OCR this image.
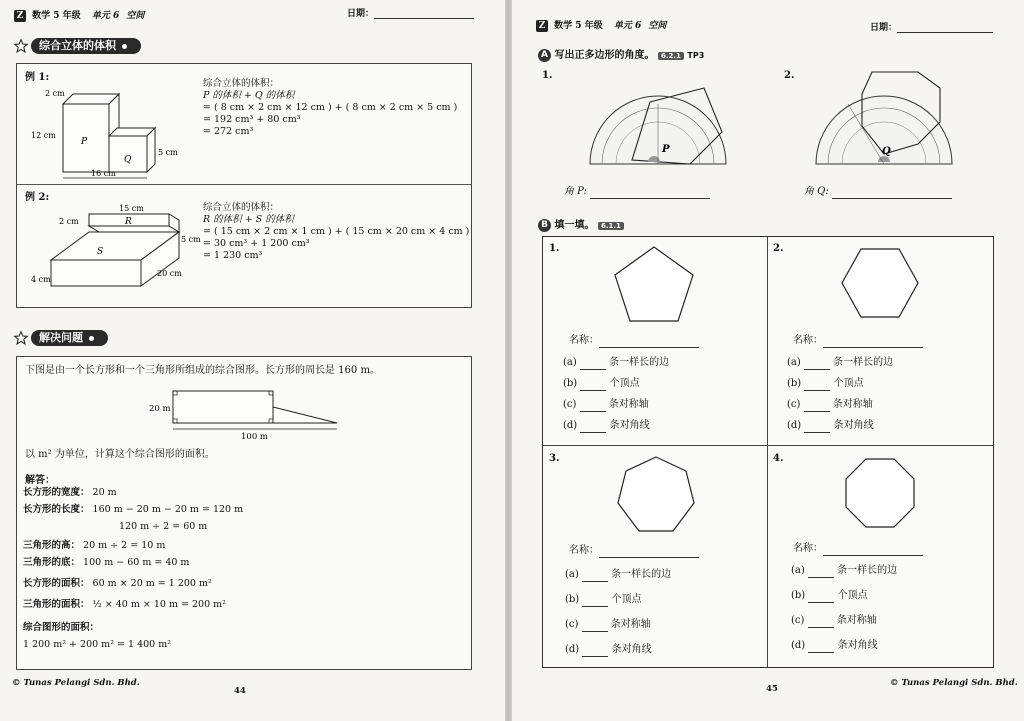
Z 数学 5 年级 单元 6 空间	日期：
综合立体的体积
例 1:
2 cm
12 cm
5 cm
16 cm
P
Q
综合立体的体积：
P 的体积 + Q 的体积
= ( 8 cm × 2 cm × 12 cm ) + ( 8 cm × 2 cm × 5 cm )
= 192 cm³ + 80 cm³
= 272 cm³
例 2:
2 cm
15 cm
5 cm
4 cm
20 cm
R
S
综合立体的体积：
R 的体积 + S 的体积
= ( 15 cm × 2 cm × 1 cm ) + ( 15 cm × 20 cm × 4 cm )
= 30 cm³ + 1 200 cm³
= 1 230 cm³
解决问题
下图是由一个长方形和一个三角形所组成的综合图形。长方形的周长是 160 m。
20 m
100 m
以 m² 为单位，计算这个综合图形的面积。
解答：
长方形的宽度： 20 m
长方形的长度： 160 m − 20 m − 20 m = 120 m
120 m ÷ 2 = 60 m
三角形的高： 20 m ÷ 2 = 10 m
三角形的底： 100 m − 60 m = 40 m
长方形的面积： 60 m × 20 m = 1 200 m²
三角形的面积： ½ × 40 m × 10 m = 200 m²
综合图形的面积：
1 200 m² + 200 m² = 1 400 m²
© Tunas Pelangi Sdn. Bhd.
44
Z 数学 5 年级 单元 6 空间	日期：
A 写出正多边形的角度。 6.2.1 TP3
1.
P
角 P:
2.
Q
角 Q:
B 填一填。 6.1.1
1.
名称：
(a)	条一样长的边
(b)	个顶点
(c)	条对称轴
(d)	条对角线
2.
名称：
(a)	条一样长的边
(b)	个顶点
(c)	条对称轴
(d)	条对角线
3.
名称：
(a)	条一样长的边
(b)	个顶点
(c)	条对称轴
(d)	条对角线
4.
名称：
(a)	条一样长的边
(b)	个顶点
(c)	条对称轴
(d)	条对角线
45
© Tunas Pelangi Sdn. Bhd.
